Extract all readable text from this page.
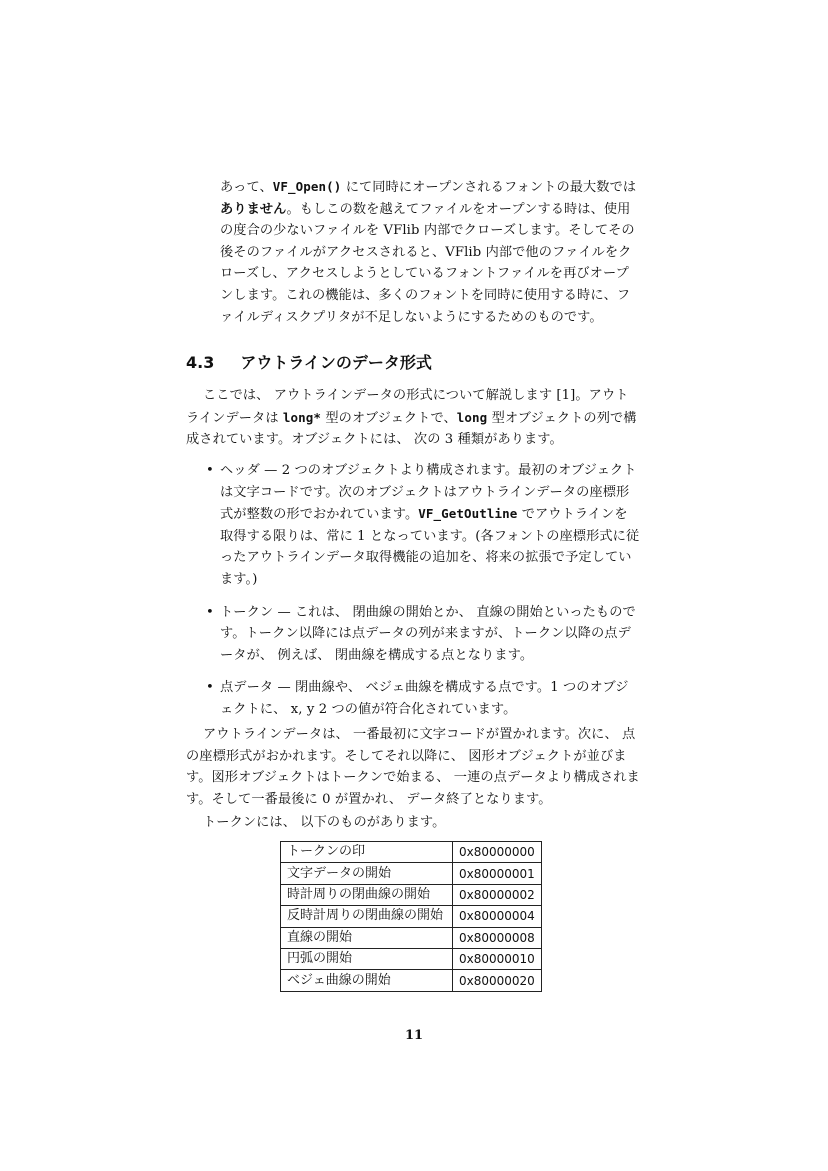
あって、VF_Open() にて同時にオープンされるフォントの最大数ではありません。もしこの数を越えてファイルをオープンする時は、使用の度合の少ないファイルを VFlib 内部でクローズします。そしてその後そのファイルがアクセスされると、VFlib 内部で他のファイルをクローズし、アクセスしようとしているフォントファイルを再びオープンします。これの機能は、多くのフォントを同時に使用する時に、ファイルディスクプリタが不足しないようにするためのものです。
4.3 アウトラインのデータ形式
ここでは、 アウトラインデータの形式について解説します [1]。アウトラインデータは long* 型のオブジェクトで、long 型オブジェクトの列で構成されています。オブジェクトには、 次の 3 種類があります。
• ヘッダ — 2 つのオブジェクトより構成されます。最初のオブジェクトは文字コードです。次のオブジェクトはアウトラインデータの座標形式が整数の形でおかれています。VF_GetOutline でアウトラインを取得する限りは、常に 1 となっています。(各フォントの座標形式に従ったアウトラインデータ取得機能の追加を、将来の拡張で予定しています。)
• トークン — これは、 閉曲線の開始とか、 直線の開始といったものです。トークン以降には点データの列が来ますが、トークン以降の点データが、 例えば、 閉曲線を構成する点となります。
• 点データ — 閉曲線や、 ベジェ曲線を構成する点です。1 つのオブジェクトに、 x, y 2 つの値が符合化されています。
アウトラインデータは、 一番最初に文字コードが置かれます。次に、 点の座標形式がおかれます。そしてそれ以降に、 図形オブジェクトが並びます。図形オブジェクトはトークンで始まる、 一連の点データより構成されます。そして一番最後に 0 が置かれ、 データ終了となります。
トークンには、 以下のものがあります。
トークンの印	0x80000000
文字データの開始	0x80000001
時計周りの閉曲線の開始	0x80000002
反時計周りの閉曲線の開始	0x80000004
直線の開始	0x80000008
円弧の開始	0x80000010
ベジェ曲線の開始	0x80000020
11
